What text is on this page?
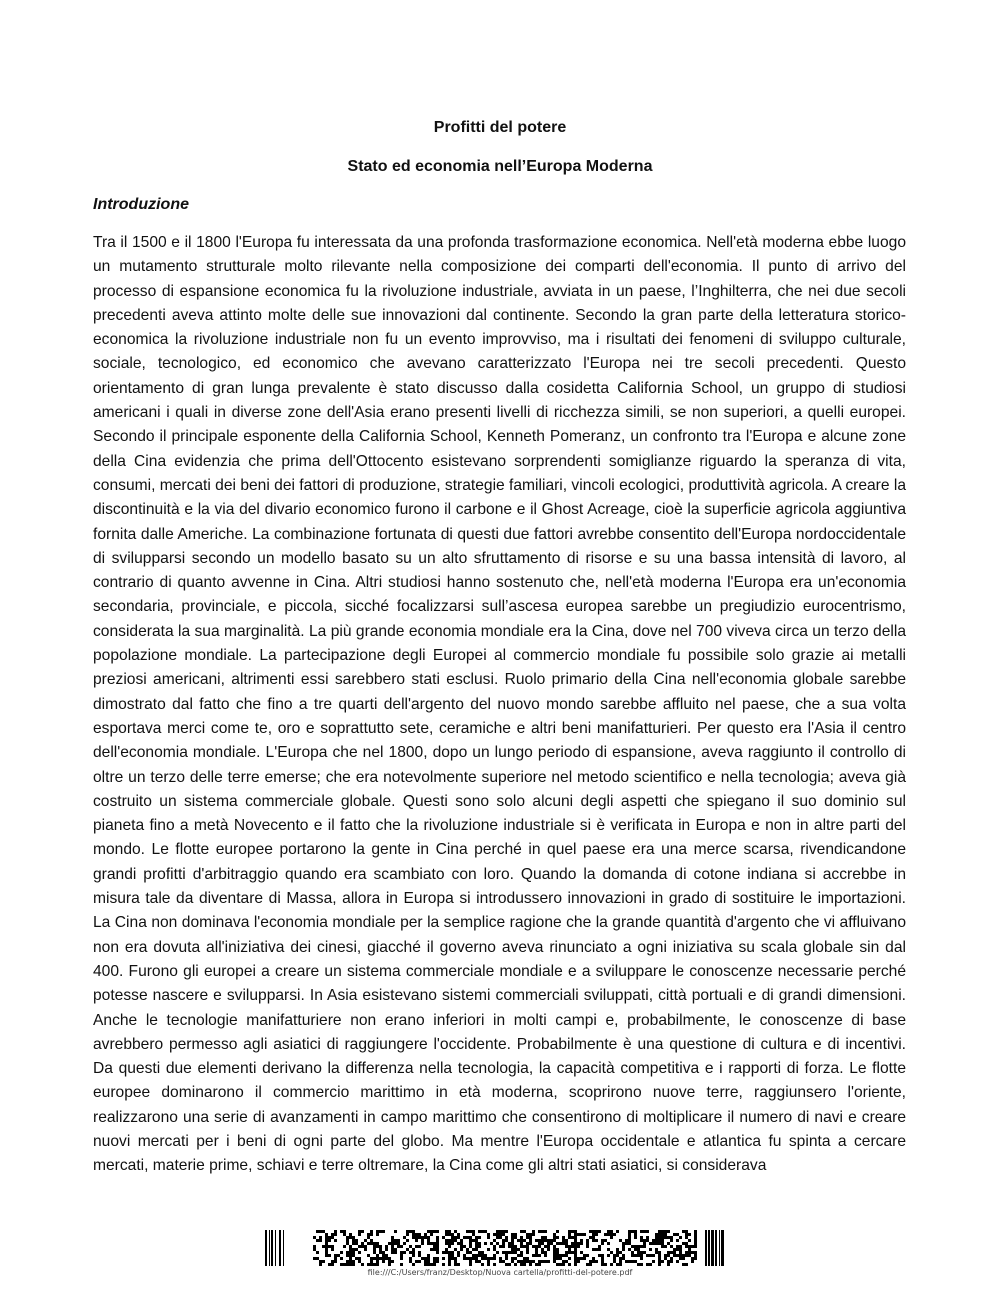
Profitti del potere
Stato ed economia nell’Europa Moderna
Introduzione

Tra il 1500 e il 1800 l'Europa fu interessata da una profonda trasformazione economica. Nell'età moderna ebbe luogo un mutamento strutturale molto rilevante nella composizione dei comparti dell'economia. Il punto di arrivo del processo di espansione economica fu la rivoluzione industriale, avviata in un paese, l’Inghilterra, che nei due secoli precedenti aveva attinto molte delle sue innovazioni dal continente. Secondo la gran parte della letteratura storico-economica la rivoluzione industriale non fu un evento improvviso, ma i risultati dei fenomeni di sviluppo culturale, sociale, tecnologico, ed economico che avevano caratterizzato l'Europa nei tre secoli precedenti. Questo orientamento di gran lunga prevalente è stato discusso dalla cosidetta California School, un gruppo di studiosi americani i quali in diverse zone dell'Asia erano presenti livelli di ricchezza simili, se non superiori, a quelli europei. Secondo il principale esponente della California School, Kenneth Pomeranz, un confronto tra l'Europa e alcune zone della Cina evidenzia che prima dell'Ottocento esistevano sorprendenti somiglianze riguardo la speranza di vita, consumi, mercati dei beni dei fattori di produzione, strategie familiari, vincoli ecologici, produttività agricola. A creare la discontinuità e la via del divario economico furono il carbone e il Ghost Acreage, cioè la superficie agricola aggiuntiva fornita dalle Americhe. La combinazione fortunata di questi due fattori avrebbe consentito dell'Europa nordoccidentale di svilupparsi secondo un modello basato su un alto sfruttamento di risorse e su una bassa intensità di lavoro, al contrario di quanto avvenne in Cina. Altri studiosi hanno sostenuto che, nell'età moderna l'Europa era un'economia secondaria, provinciale, e piccola, sicché focalizzarsi sull’ascesa europea sarebbe un pregiudizio eurocentrismo, considerata la sua marginalità. La più grande economia mondiale era la Cina, dove nel 700 viveva circa un terzo della popolazione mondiale. La partecipazione degli Europei al commercio mondiale fu possibile solo grazie ai metalli preziosi americani, altrimenti essi sarebbero stati esclusi. Ruolo primario della Cina nell'economia globale sarebbe dimostrato dal fatto che fino a tre quarti dell'argento del nuovo mondo sarebbe affluito nel paese, che a sua volta esportava merci come te, oro e soprattutto sete, ceramiche e altri beni manifatturieri. Per questo era l'Asia il centro dell'economia mondiale. L'Europa che nel 1800, dopo un lungo periodo di espansione, aveva raggiunto il controllo di oltre un terzo delle terre emerse; che era notevolmente superiore nel metodo scientifico e nella tecnologia; aveva già costruito un sistema commerciale globale. Questi sono solo alcuni degli aspetti che spiegano il suo dominio sul pianeta fino a metà Novecento e il fatto che la rivoluzione industriale si è verificata in Europa e non in altre parti del mondo. Le flotte europee portarono la gente in Cina perché in quel paese era una merce scarsa, rivendicandone grandi profitti d'arbitraggio quando era scambiato con loro. Quando la domanda di cotone indiana si accrebbe in misura tale da diventare di Massa, allora in Europa si introdussero innovazioni in grado di sostituire le importazioni. La Cina non dominava l'economia mondiale per la semplice ragione che la grande quantità d'argento che vi affluivano non era dovuta all'iniziativa dei cinesi, giacché il governo aveva rinunciato a ogni iniziativa su scala globale sin dal 400. Furono gli europei a creare un sistema commerciale mondiale e a sviluppare le conoscenze necessarie perché potesse nascere e svilupparsi. In Asia esistevano sistemi commerciali sviluppati, città portuali e di grandi dimensioni. Anche le tecnologie manifatturiere non erano inferiori in molti campi e, probabilmente, le conoscenze di base avrebbero permesso agli asiatici di raggiungere l'occidente. Probabilmente è una questione di cultura e di incentivi. Da questi due elementi derivano la differenza nella tecnologia, la capacità competitiva e i rapporti di forza. Le flotte europee dominarono il commercio marittimo in età moderna, scoprirono nuove terre, raggiunsero l'oriente, realizzarono una serie di avanzamenti in campo marittimo che consentirono di moltiplicare il numero di navi e creare nuovi mercati per i beni di ogni parte del globo. Ma mentre l'Europa occidentale e atlantica fu spinta a cercare mercati, materie prime, schiavi e terre oltremare, la Cina come gli altri stati asiatici, si considerava

file:///C:/Users/franz/Desktop/Nuova cartella/profitti-del-potere.pdf
